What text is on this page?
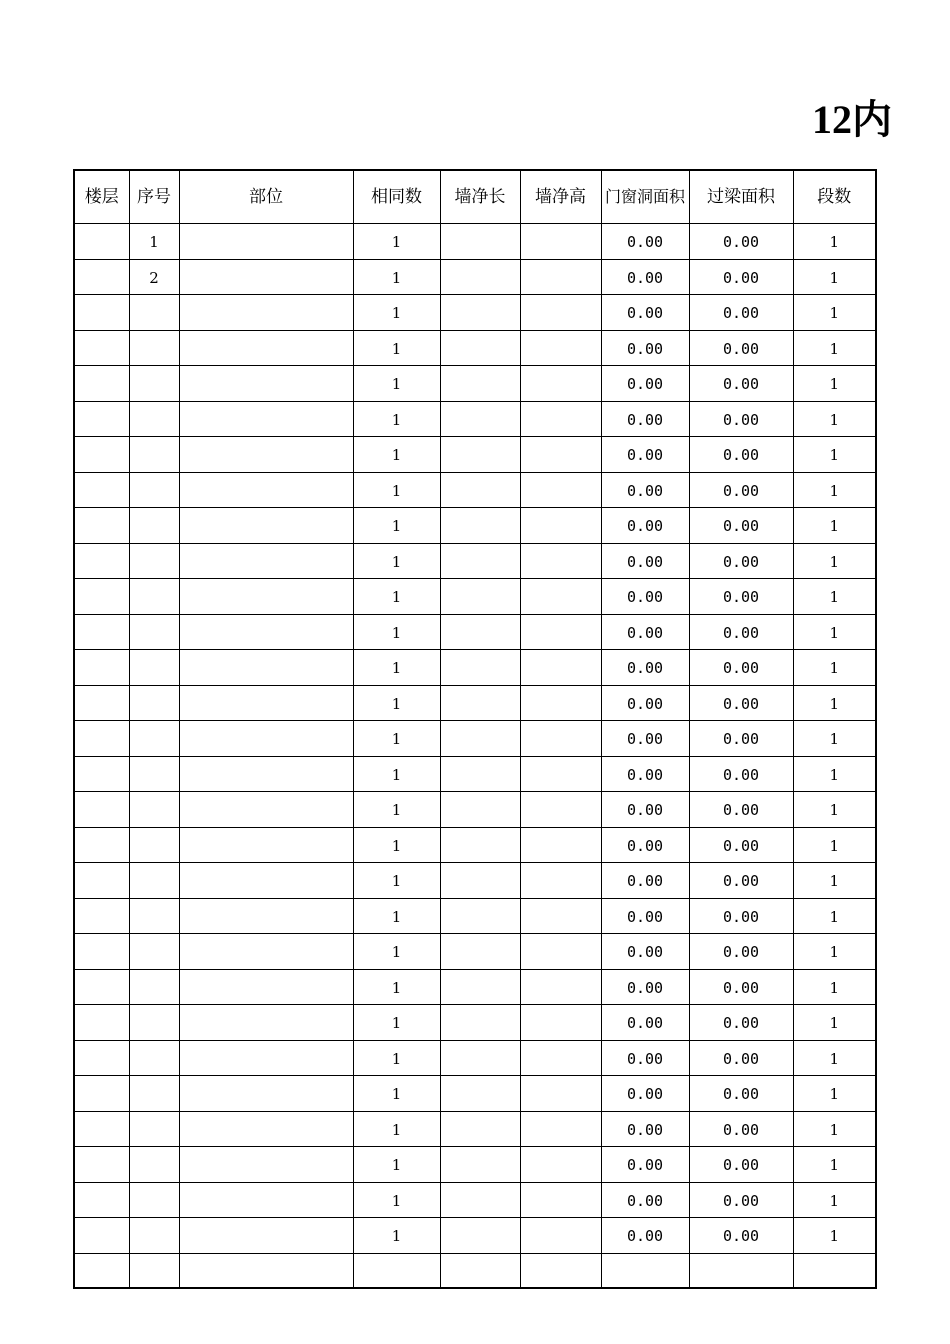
12内
楼层	序号	部位	相同数	墙净长	墙净高	门窗洞面积	过梁面积	段数
	1		1			0.00	0.00	1
	2		1			0.00	0.00	1
			1			0.00	0.00	1
			1			0.00	0.00	1
			1			0.00	0.00	1
			1			0.00	0.00	1
			1			0.00	0.00	1
			1			0.00	0.00	1
			1			0.00	0.00	1
			1			0.00	0.00	1
			1			0.00	0.00	1
			1			0.00	0.00	1
			1			0.00	0.00	1
			1			0.00	0.00	1
			1			0.00	0.00	1
			1			0.00	0.00	1
			1			0.00	0.00	1
			1			0.00	0.00	1
			1			0.00	0.00	1
			1			0.00	0.00	1
			1			0.00	0.00	1
			1			0.00	0.00	1
			1			0.00	0.00	1
			1			0.00	0.00	1
			1			0.00	0.00	1
			1			0.00	0.00	1
			1			0.00	0.00	1
			1			0.00	0.00	1
			1			0.00	0.00	1
